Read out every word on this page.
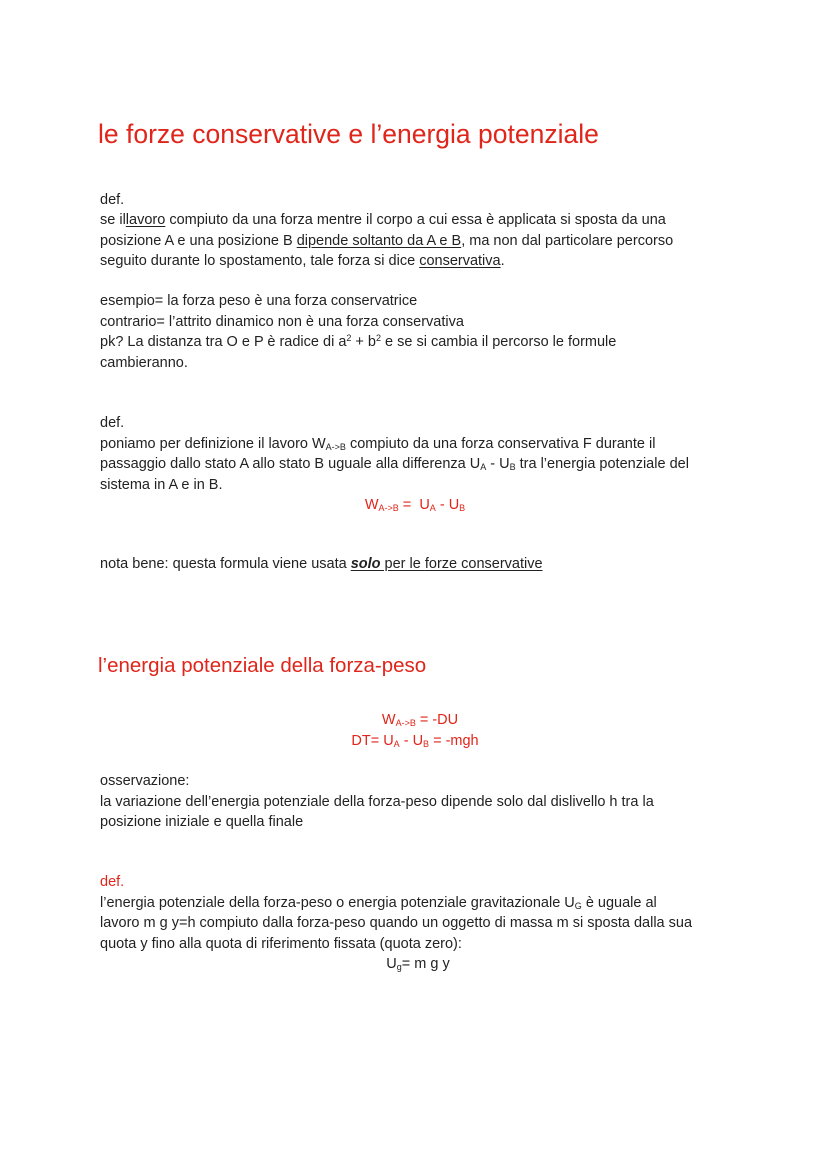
le forze conservative e l’energia potenziale

def.

se illavoro compiuto da una forza mentre il corpo a cui essa è applicata si sposta da una

posizione A e una posizione B dipende soltanto da A e B, ma non dal particolare percorso

seguito durante lo spostamento, tale forza si dice conservativa.

esempio= la forza peso è una forza conservatrice

contrario= l’attrito dinamico non è una forza conservativa

pk? La distanza tra O e P è radice di $a^2 + b^2$ e se si cambia il percorso le formule

cambieranno.

def.

poniamo per definizione il lavoro $W_{A->B}$ compiuto da una forza conservativa F durante il

passaggio dallo stato A allo stato B uguale alla differenza $U_A - U_B$ tra l’energia potenziale del

sistema in A e in B.

$W_{A->B} = U_A - U_B$

nota bene: questa formula viene usata solo per le forze conservative

l’energia potenziale della forza-peso

$W_{A->B} = -DU$

$DT= U_A - U_B = -mgh$

osservazione:

la variazione dell’energia potenziale della forza-peso dipende solo dal dislivello h tra la

posizione iniziale e quella finale

def.

l’energia potenziale della forza-peso o energia potenziale gravitazionale $U_G$ è uguale al

lavoro m g y=h compiuto dalla forza-peso quando un oggetto di massa m si sposta dalla sua

quota y fino alla quota di riferimento fissata (quota zero):

$U_g= m$ g y
